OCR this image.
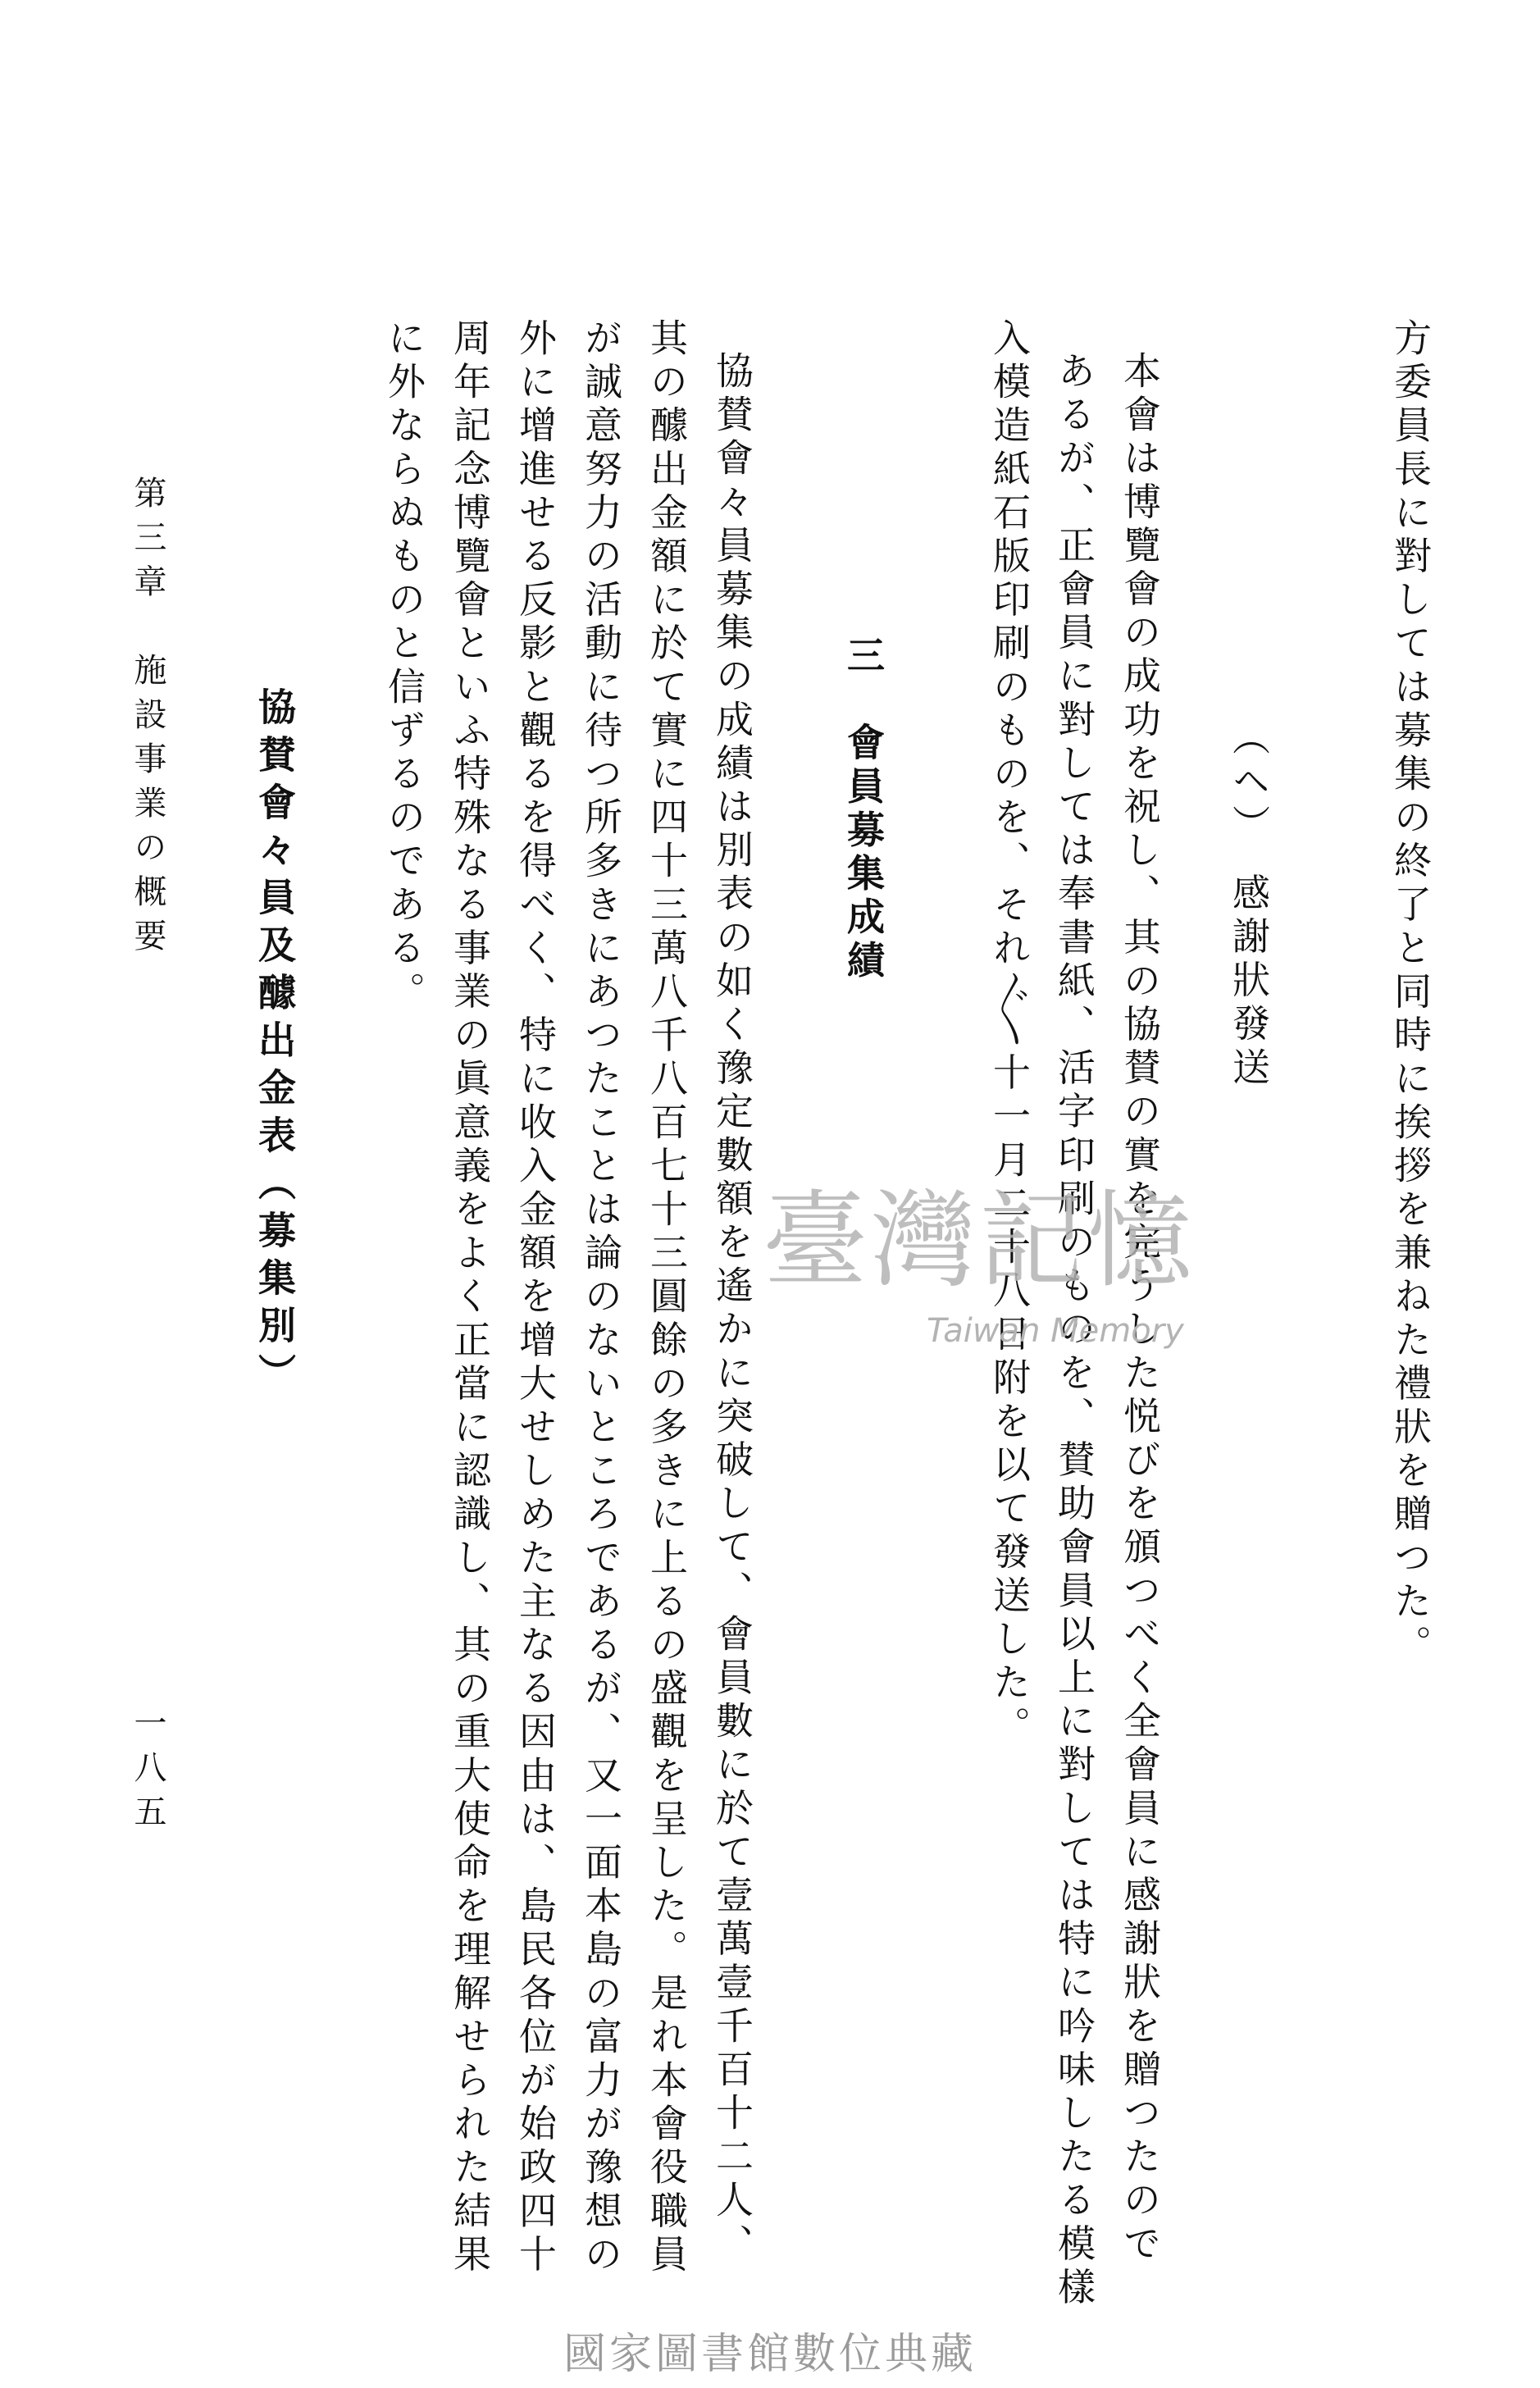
方委員長に對しては募集の終了と同時に挨拶を兼ねた禮狀を贈つた。
（ヘ）　感謝狀發送
本會は博覽會の成功を祝し、其の協賛の實を完うした悦びを頒つべく全會員に感謝狀を贈つたので
あるが、正會員に對しては奉書紙、活字印刷のものを、賛助會員以上に對しては特に吟味したる模樣
入模造紙石版印刷のものを、それ〴〵十一月二十八日附を以て發送した。
三　會員募集成績
協賛會々員募集の成績は別表の如く豫定數額を遙かに突破して、會員數に於て壹萬壹千百十二人、
其の醵出金額に於て實に四十三萬八千八百七十三圓餘の多きに上るの盛觀を呈した。是れ本會役職員
が誠意努力の活動に待つ所多きにあつたことは論のないところであるが、又一面本島の富力が豫想の
外に增進せる反影と觀るを得べく、特に收入金額を增大せしめた主なる因由は、島民各位が始政四十
周年記念博覽會といふ特殊なる事業の眞意義をよく正當に認識し、其の重大使命を理解せられた結果
に外ならぬものと信ずるのである。
協賛會々員及醵出金表（募集別）
第三章　施設事業の概要
一八五
臺灣記憶
Taiwan Memory
國家圖書館數位典藏
